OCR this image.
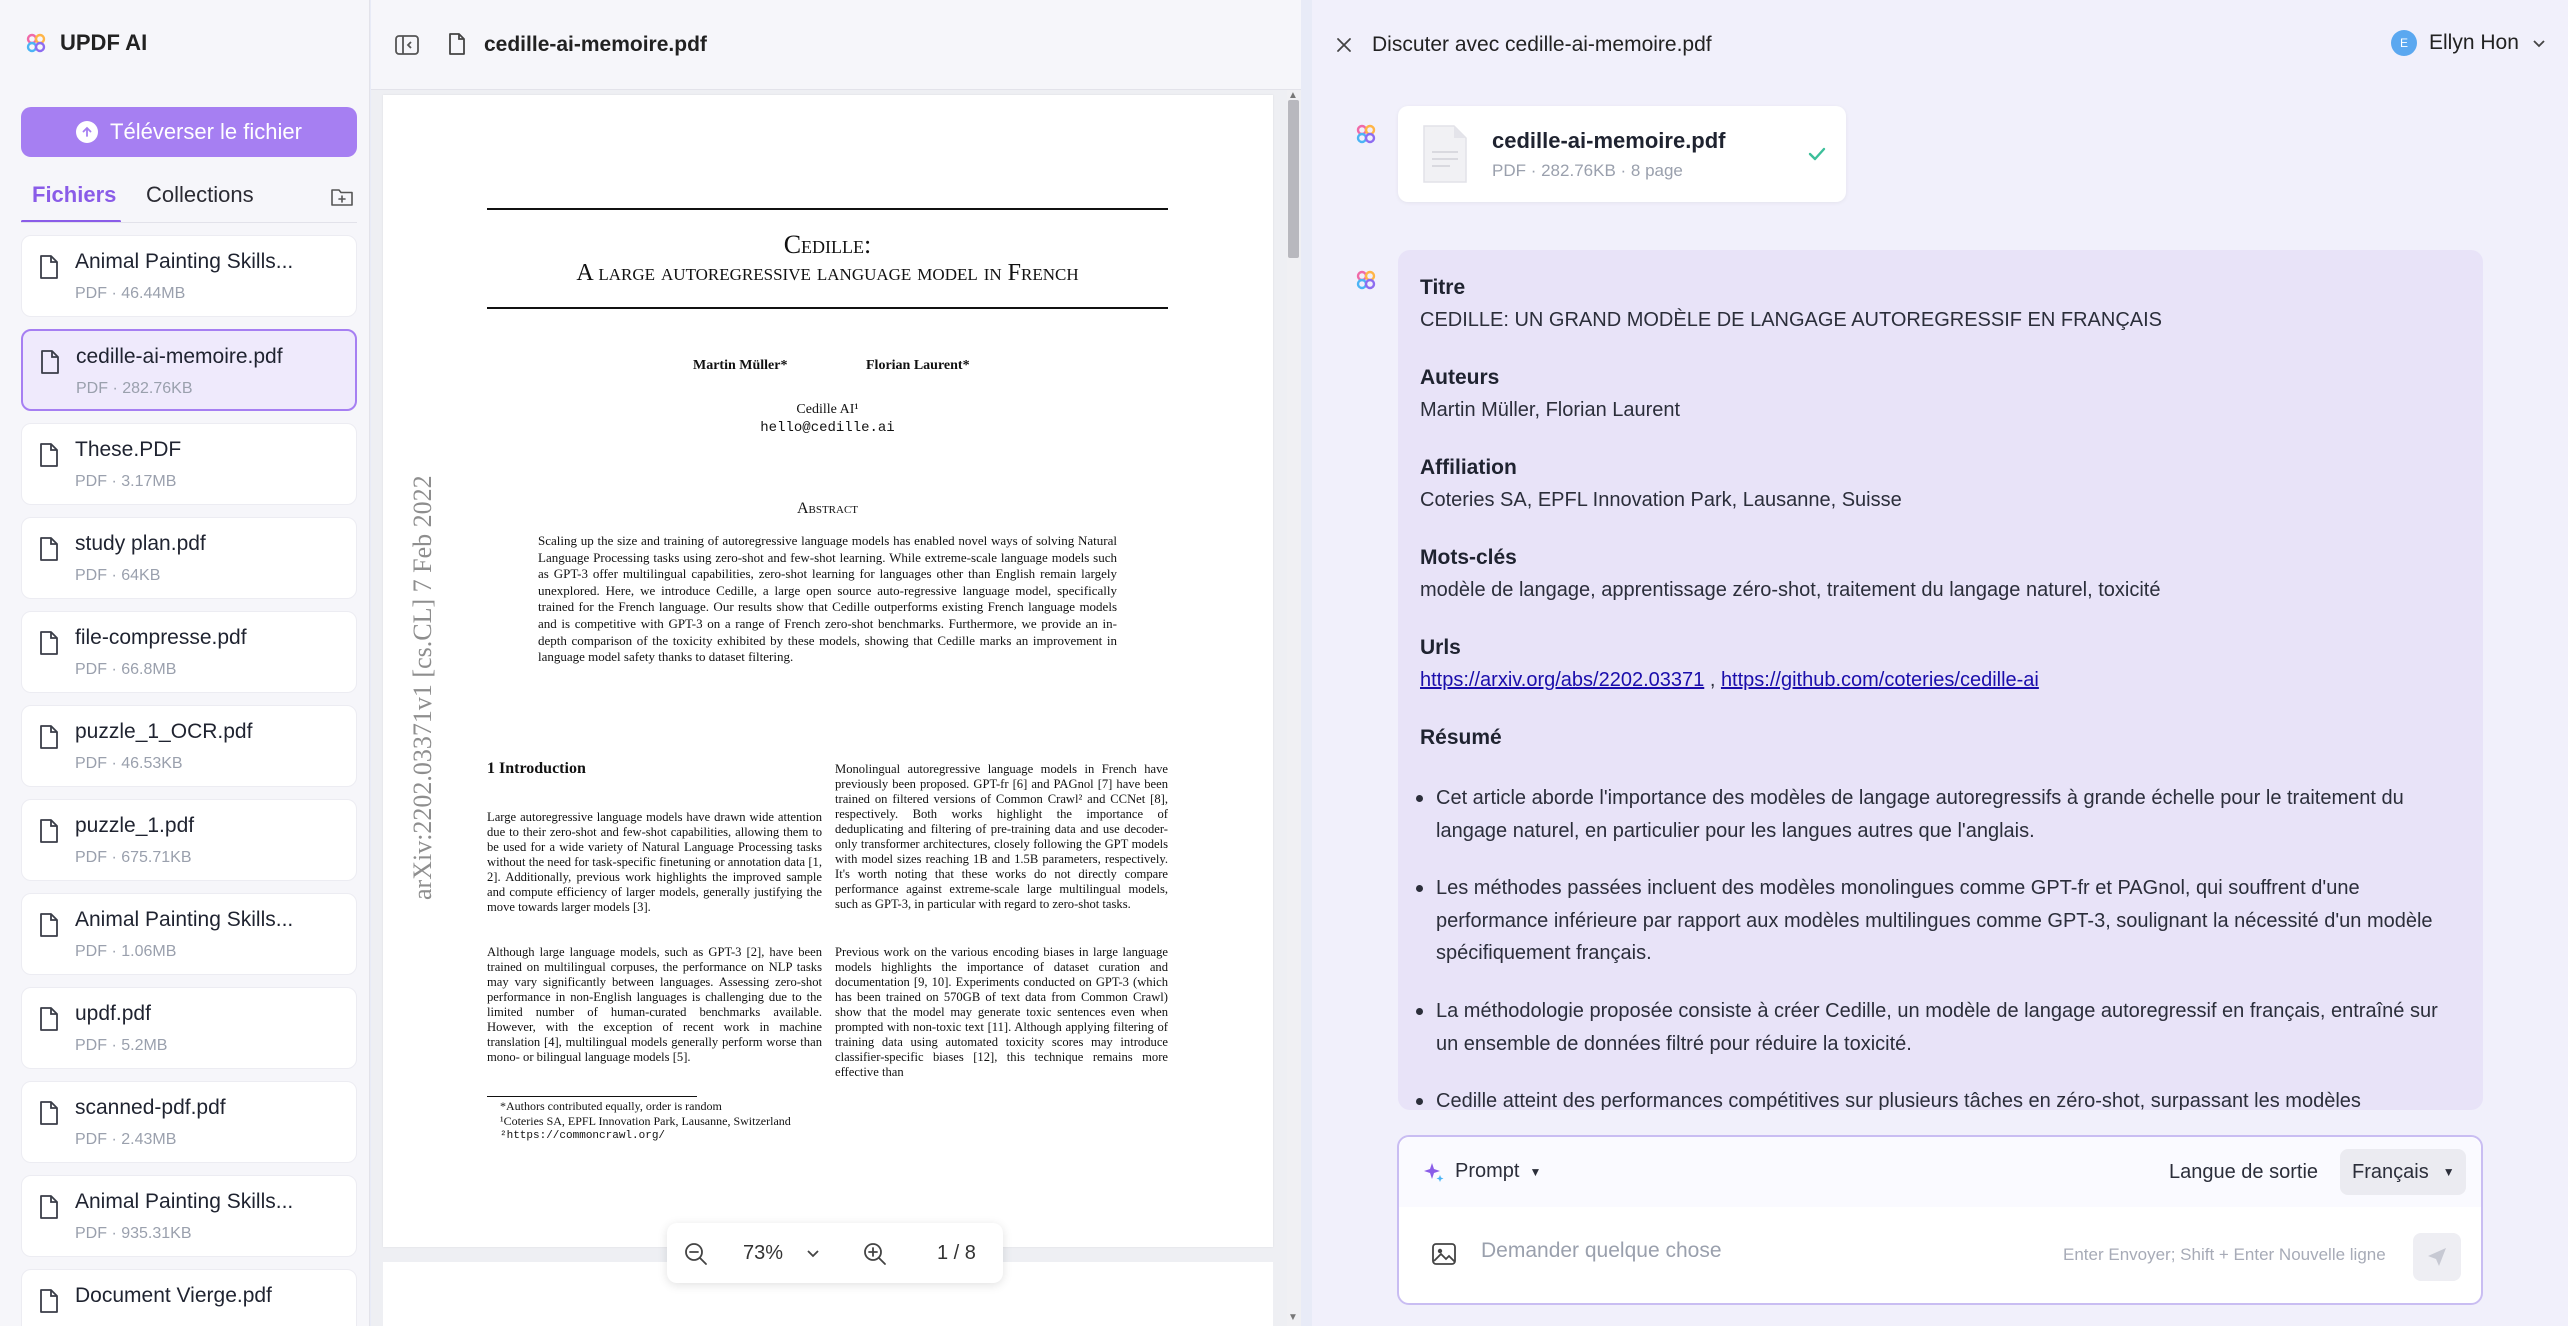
UPDF AI
Téléverser le fichier
Fichiers Collections
Animal Painting Skills...
PDF · 46.44MB
cedille-ai-memoire.pdf
PDF · 282.76KB
These.PDF
PDF · 3.17MB
study plan.pdf
PDF · 64KB
file-compresse.pdf
PDF · 66.8MB
puzzle_1_OCR.pdf
PDF · 46.53KB
puzzle_1.pdf
PDF · 675.71KB
Animal Painting Skills...
PDF · 1.06MB
updf.pdf
PDF · 5.2MB
scanned-pdf.pdf
PDF · 2.43MB
Animal Painting Skills...
PDF · 935.31KB
Document Vierge.pdf
cedille-ai-memoire.pdf
Cedille:
A large autoregressive language model in French
Martin Müller*	Florian Laurent*
Cedille AI¹
hello@cedille.ai
Abstract
Scaling up the size and training of autoregressive language models has enabled novel ways of solving Natural Language Processing tasks using zero-shot and few-shot learning. While extreme-scale language models such as GPT-3 offer multilingual capabilities, zero-shot learning for languages other than English remain largely unexplored. Here, we introduce Cedille, a large open source auto-regressive language model, specifically trained for the French language. Our results show that Cedille outperforms existing French language models and is competitive with GPT-3 on a range of French zero-shot benchmarks. Furthermore, we provide an in-depth comparison of the toxicity exhibited by these models, showing that Cedille marks an improvement in language model safety thanks to dataset filtering.
arXiv:2202.03371v1 [cs.CL] 7 Feb 2022	1 Introduction
Large autoregressive language models have drawn wide attention due to their zero-shot and few-shot capabilities, allowing them to be used for a wide variety of Natural Language Processing tasks without the need for task-specific finetuning or annotation data [1, 2]. Additionally, previous work highlights the improved sample and compute efficiency of larger models, generally justifying the move towards larger models [3].
Although large language models, such as GPT-3 [2], have been trained on multilingual corpuses, the performance on NLP tasks may vary significantly between languages. Assessing zero-shot performance in non-English languages is challenging due to the limited number of human-curated benchmarks available. However, with the exception of recent work in machine translation [4], multilingual models generally perform worse than mono- or bilingual language models [5].
Monolingual autoregressive language models in French have previously been proposed. GPT-fr [6] and PAGnol [7] have been trained on filtered versions of Common Crawl² and CCNet [8], respectively. Both works highlight the importance of deduplicating and filtering of pre-training data and use decoder-only transformer architectures, closely following the GPT models with model sizes reaching 1B and 1.5B parameters, respectively. It's worth noting that these works do not directly compare performance against extreme-scale large multilingual models, such as GPT-3, in particular with regard to zero-shot tasks.
Previous work on the various encoding biases in large language models highlights the importance of dataset curation and documentation [9, 10]. Experiments conducted on GPT-3 (which has been trained on 570GB of text data from Common Crawl) show that the model may generate toxic sentences even when prompted with non-toxic text [11]. Although applying filtering of training data using automated toxicity scores may introduce classifier-specific biases [12], this technique remains more effective than
*Authors contributed equally, order is random
¹Coteries SA, EPFL Innovation Park, Lausanne, Switzerland
²https://commoncrawl.org/
▲
▼
73%	1 / 8
Discuter avec cedille-ai-memoire.pdf	E	Ellyn Hon
cedille-ai-memoire.pdf
PDF · 282.76KB · 8 page
Titre
CEDILLE: UN GRAND MODÈLE DE LANGAGE AUTOREGRESSIF EN FRANÇAIS
Auteurs
Martin Müller, Florian Laurent
Affiliation
Coteries SA, EPFL Innovation Park, Lausanne, Suisse
Mots-clés
modèle de langage, apprentissage zéro-shot, traitement du langage naturel, toxicité
Urls
https://arxiv.org/abs/2202.03371 , https://github.com/coteries/cedille-ai
Résumé
Cet article aborde l'importance des modèles de langage autoregressifs à grande échelle pour le traitement du langage naturel, en particulier pour les langues autres que l'anglais.
Les méthodes passées incluent des modèles monolingues comme GPT-fr et PAGnol, qui souffrent d'une performance inférieure par rapport aux modèles multilingues comme GPT-3, soulignant la nécessité d'un modèle spécifiquement français.
La méthodologie proposée consiste à créer Cedille, un modèle de langage autoregressif en français, entraîné sur un ensemble de données filtré pour réduire la toxicité.
Cedille atteint des performances compétitives sur plusieurs tâches en zéro-shot, surpassant les modèles
Prompt ▼	Langue de sortie Français ▼
Demander quelque chose
Enter Envoyer; Shift + Enter Nouvelle ligne
